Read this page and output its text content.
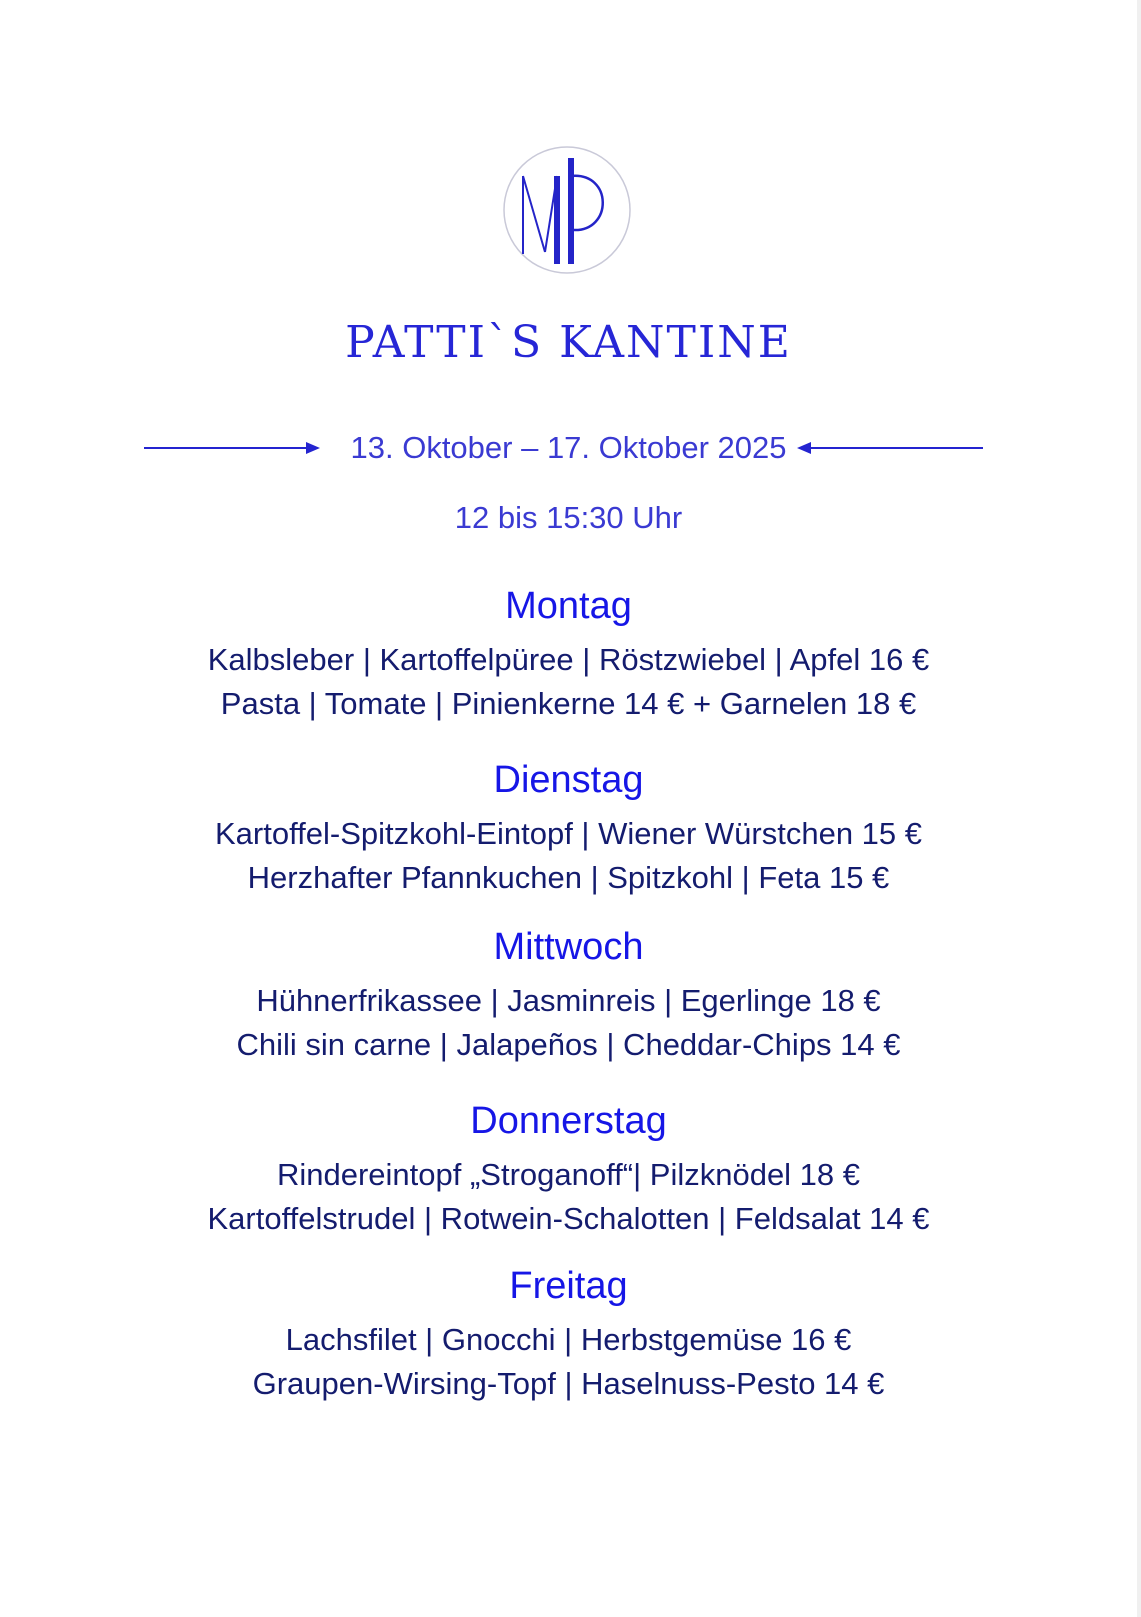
MP
PATTI`S KANTINE
13. Oktober – 17. Oktober 2025
12 bis 15:30 Uhr
Montag
Kalbsleber | Kartoffelpüree | Röstzwiebel | Apfel 16 €
Pasta | Tomate | Pinienkerne 14 € + Garnelen 18 €
Dienstag
Kartoffel-Spitzkohl-Eintopf | Wiener Würstchen 15 €
Herzhafter Pfannkuchen | Spitzkohl | Feta 15 €
Mittwoch
Hühnerfrikassee | Jasminreis | Egerlinge 18 €
Chili sin carne | Jalapeños | Cheddar-Chips 14 €
Donnerstag
Rindereintopf „Stroganoff“| Pilzknödel 18 €
Kartoffelstrudel | Rotwein-Schalotten | Feldsalat 14 €
Freitag
Lachsfilet | Gnocchi | Herbstgemüse 16 €
Graupen-Wirsing-Topf | Haselnuss-Pesto 14 €
